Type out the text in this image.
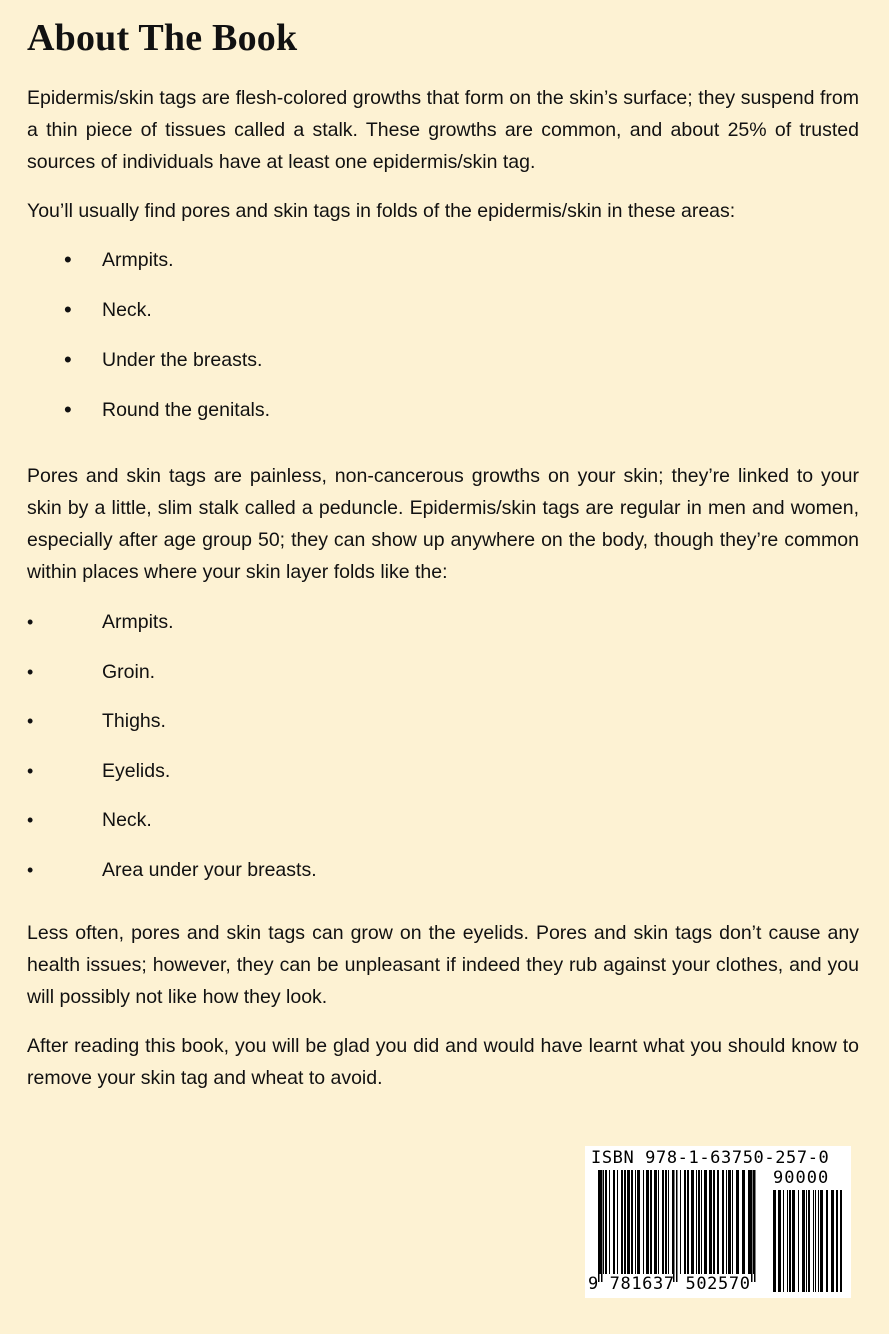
About The Book

Epidermis/skin tags are flesh-colored growths that form on the skin’s surface; they suspend from a thin piece of tissues called a stalk. These growths are common, and about 25% of trusted sources of individuals have at least one epidermis/skin tag.

You’ll usually find pores and skin tags in folds of the epidermis/skin in these areas:

• Armpits.
• Neck.
• Under the breasts.
• Round the genitals.

Pores and skin tags are painless, non-cancerous growths on your skin; they’re linked to your skin by a little, slim stalk called a peduncle. Epidermis/skin tags are regular in men and women, especially after age group 50; they can show up anywhere on the body, though they’re common within places where your skin layer folds like the:

•	Armpits.
•	Groin.
•	Thighs.
•	Eyelids.
•	Neck.
•	Area under your breasts.

Less often, pores and skin tags can grow on the eyelids. Pores and skin tags don’t cause any health issues; however, they can be unpleasant if indeed they rub against your clothes, and you will possibly not like how they look.

After reading this book, you will be glad you did and would have learnt what you should know to remove your skin tag and wheat to avoid.

ISBN 978-1-63750-257-0
90000
9 781637 502570
